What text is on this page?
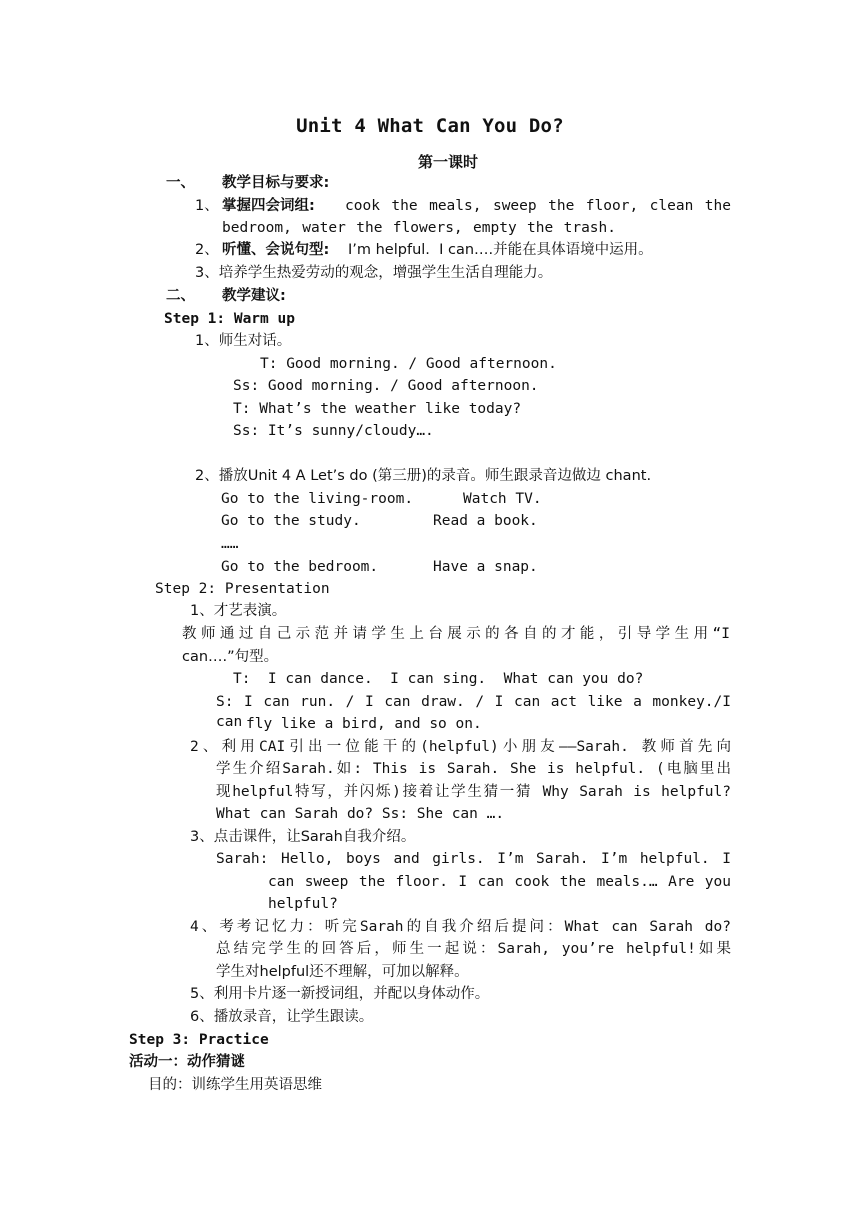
Unit 4 What Can You Do?
第一课时
一、 教学目标与要求:
1、 掌握四会词组: cook the meals, sweep the floor, clean the
bedroom, water the flowers, empty the trash.
2、 听懂、会说句型: I’m helpful.  I can….并能在具体语境中运用。
3、培养学生热爱劳动的观念，增强学生生活自理能力。
二、 教学建议:
Step 1: Warm up
1、师生对话。
T: Good morning. / Good afternoon.
Ss: Good morning. / Good afternoon.
T: What’s the weather like today?
Ss: It’s sunny/cloudy….
2、播放Unit 4 A Let’s do (第三册)的录音。师生跟录音边做边 chant.
Go to the living-room.	Watch TV.
Go to the study.	Read a book.
……
Go to the bedroom.	Have a snap.
Step 2: Presentation
1、才艺表演。
教师通过自己示范并请学生上台展示的各自的才能，引导学生用“I
can….”句型。
T:  I can dance.  I can sing.  What can you do?
S: I can run. / I can draw. / I can act like a monkey./I can fly like a bird, and so on.
2、利用CAI引出一位能干的(helpful)小朋友——Sarah. 教师首先向
学生介绍Sarah.如: This is Sarah. She is helpful. (电脑里出
现helpful特写，并闪烁)接着让学生猜一猜 Why Sarah is helpful?
What can Sarah do? Ss: She can ….
3、点击课件，让Sarah自我介绍。
Sarah: Hello, boys and girls. I’m Sarah. I’m helpful. I
can sweep the floor. I can cook the meals.… Are you
helpful?
4、考考记忆力：听完Sarah的自我介绍后提问：What can Sarah do?
总结完学生的回答后，师生一起说：Sarah, you’re helpful!如果
学生对helpful还不理解，可加以解释。
5、利用卡片逐一新授词组，并配以身体动作。
6、播放录音，让学生跟读。
Step 3: Practice
活动一：动作猜谜
目的：训练学生用英语思维
